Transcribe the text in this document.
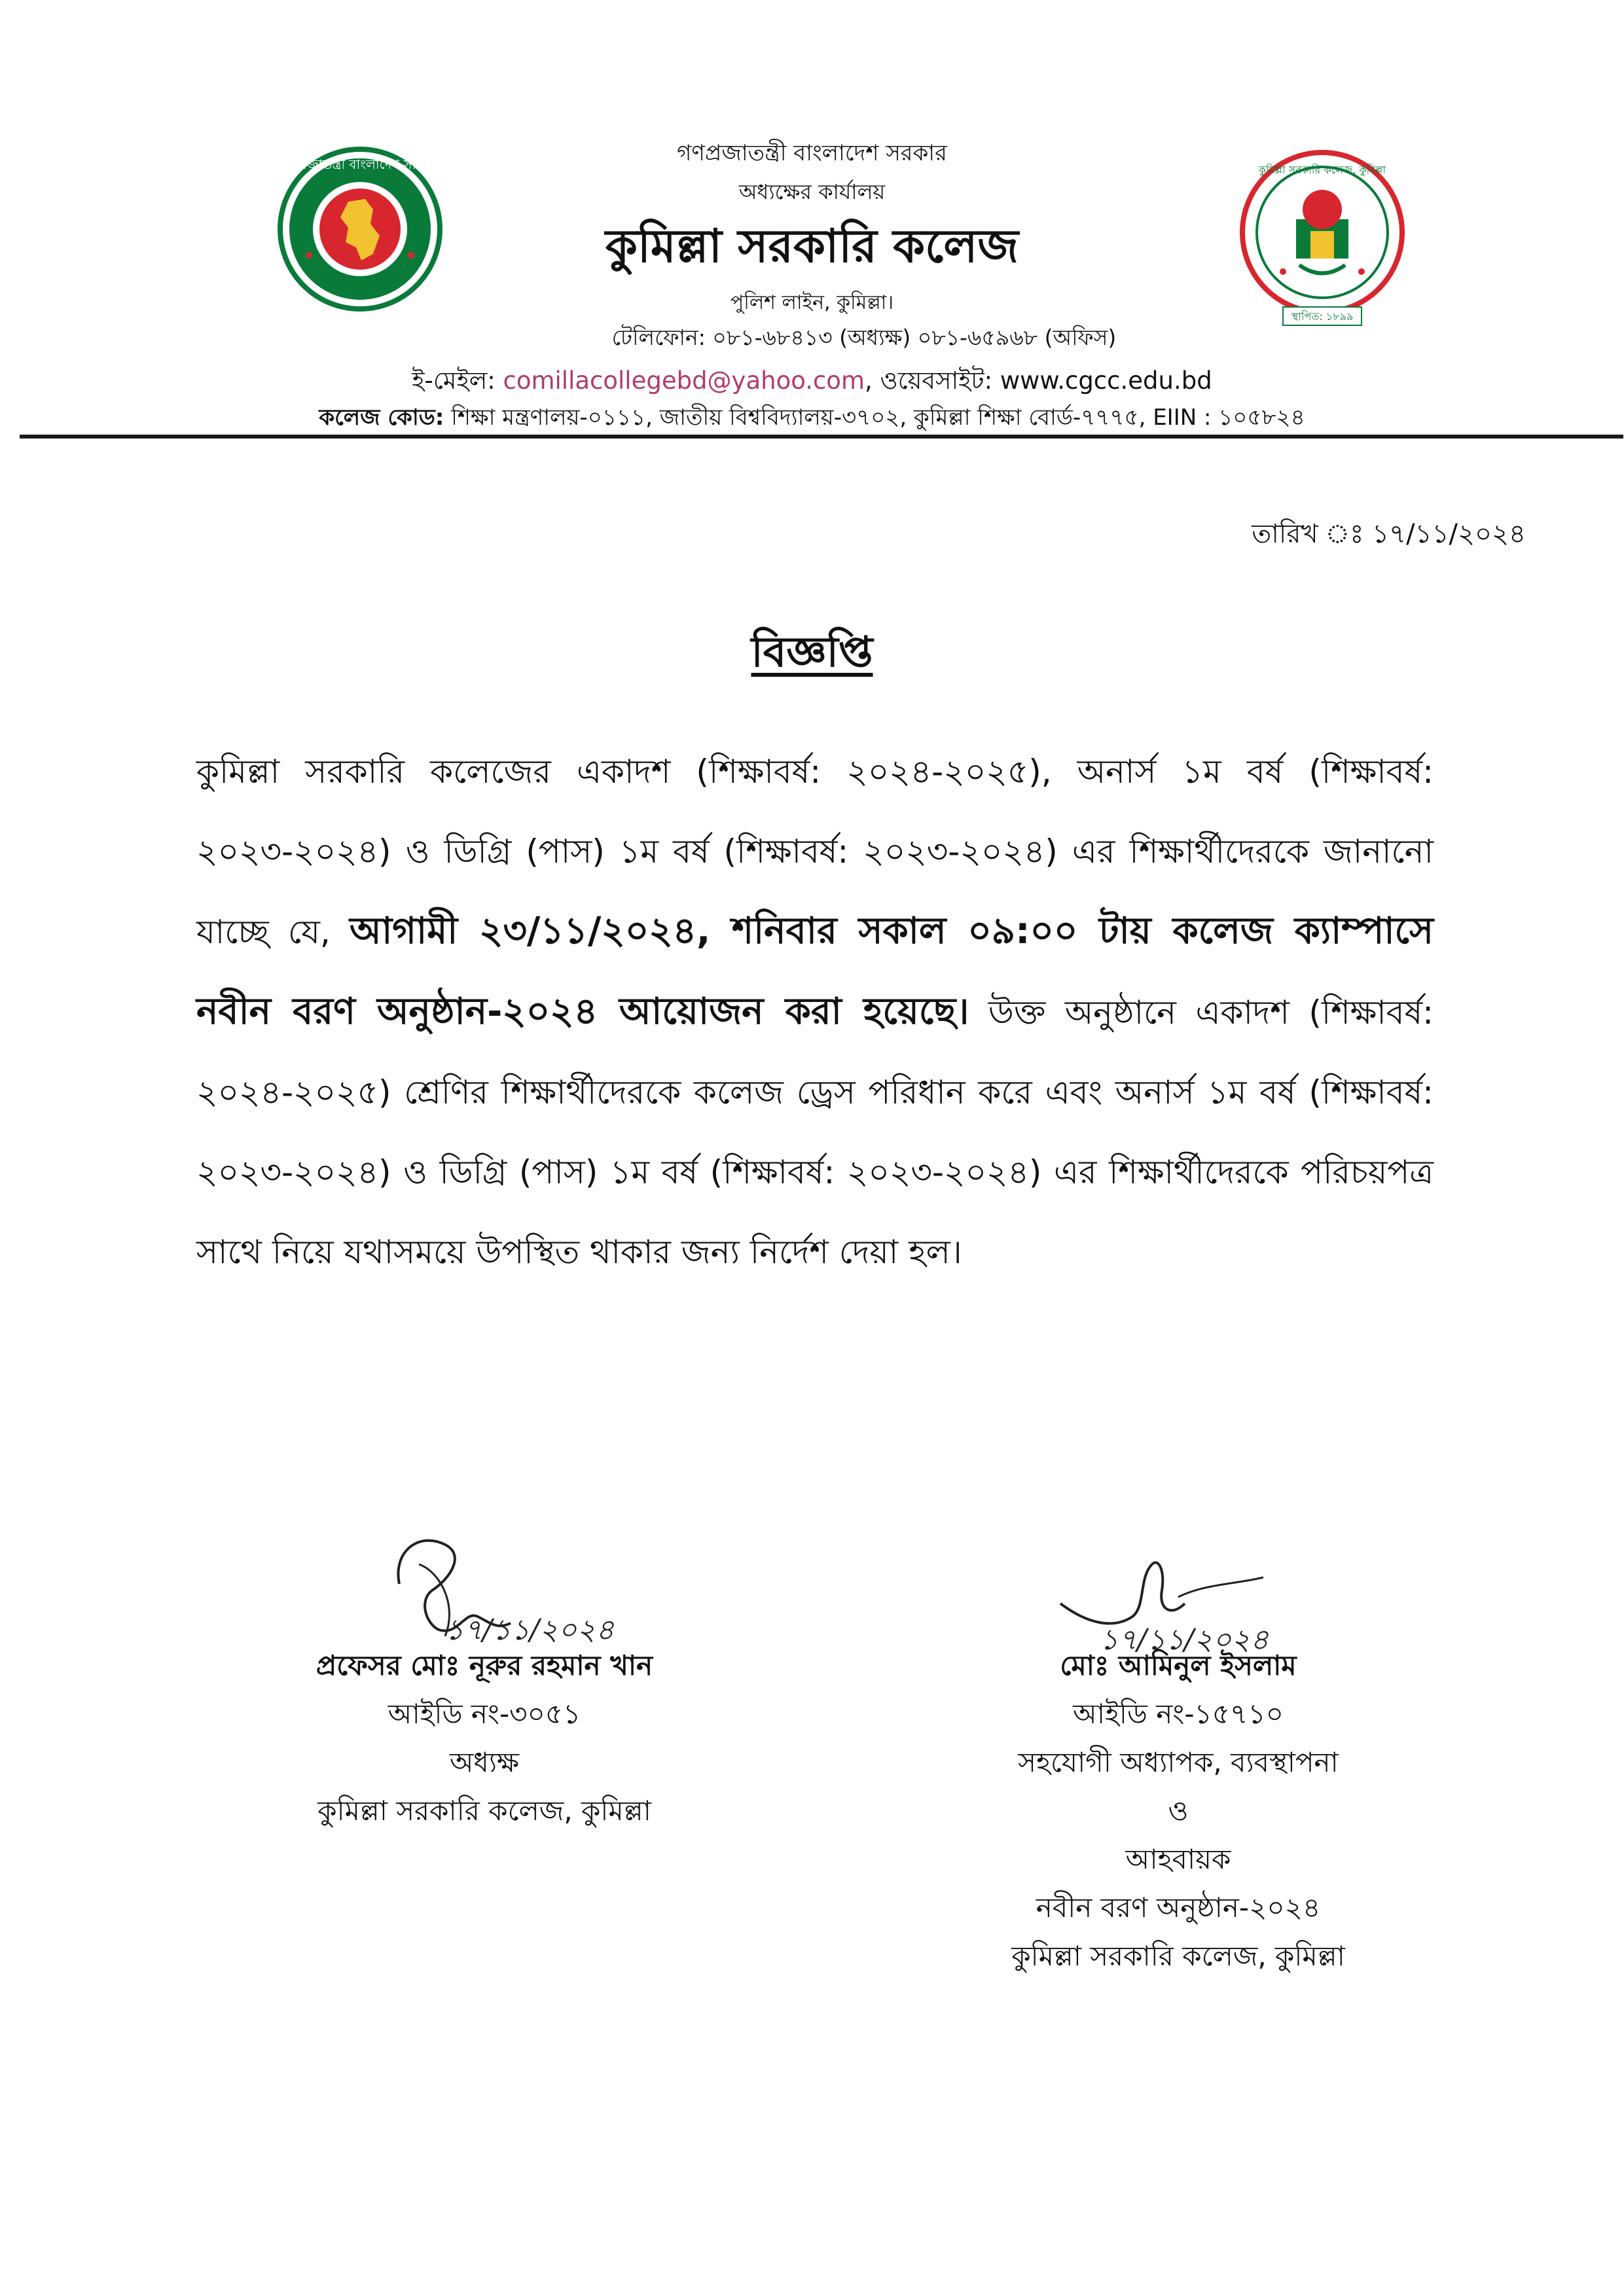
গণপ্রজাতন্ত্রী বাংলাদেশ সরকার	কুমিল্লা সরকারি কলেজ, কুমিল্লা
স্থাপিত: ১৮৯৯
গণপ্রজাতন্ত্রী বাংলাদেশ সরকার
অধ্যক্ষের কার্যালয়
কুমিল্লা সরকারি কলেজ
পুলিশ লাইন, কুমিল্লা।
টেলিফোন: ০৮১-৬৮৪১৩ (অধ্যক্ষ) ০৮১-৬৫৯৬৮ (অফিস)
ই-মেইল: comillacollegebd@yahoo.com, ওয়েবসাইট: www.cgcc.edu.bd
কলেজ কোড: শিক্ষা মন্ত্রণালয়-০১১১, জাতীয় বিশ্ববিদ্যালয়-৩৭০২, কুমিল্লা শিক্ষা বোর্ড-৭৭৭৫, EIIN : ১০৫৮২৪
তারিখ ঃ ১৭/১১/২০২৪
বিজ্ঞপ্তি
কুমিল্লা সরকারি কলেজের একাদশ (শিক্ষাবর্ষ: ২০২৪-২০২৫), অনার্স ১ম বর্ষ (শিক্ষাবর্ষ: ২০২৩-২০২৪) ও ডিগ্রি (পাস) ১ম বর্ষ (শিক্ষাবর্ষ: ২০২৩-২০২৪) এর শিক্ষার্থীদেরকে জানানো যাচ্ছে যে, আগামী ২৩/১১/২০২৪, শনিবার সকাল ০৯:০০ টায় কলেজ ক্যাম্পাসে নবীন বরণ অনুষ্ঠান-২০২৪ আয়োজন করা হয়েছে। উক্ত অনুষ্ঠানে একাদশ (শিক্ষাবর্ষ: ২০২৪-২০২৫) শ্রেণির শিক্ষার্থীদেরকে কলেজ ড্রেস পরিধান করে এবং অনার্স ১ম বর্ষ (শিক্ষাবর্ষ: ২০২৩-২০২৪) ও ডিগ্রি (পাস) ১ম বর্ষ (শিক্ষাবর্ষ: ২০২৩-২০২৪) এর শিক্ষার্থীদেরকে পরিচয়পত্র সাথে নিয়ে যথাসময়ে উপস্থিত থাকার জন্য নির্দেশ দেয়া হল।
১৭/১১/২০২৪	১৭/১১/২০২৪
প্রফেসর মোঃ নূরুর রহমান খান
আইডি নং-৩০৫১
অধ্যক্ষ
কুমিল্লা সরকারি কলেজ, কুমিল্লা
মোঃ আমিনুল ইসলাম
আইডি নং-১৫৭১০
সহযোগী অধ্যাপক, ব্যবস্থাপনা
ও
আহবায়ক
নবীন বরণ অনুষ্ঠান-২০২৪
কুমিল্লা সরকারি কলেজ, কুমিল্লা
